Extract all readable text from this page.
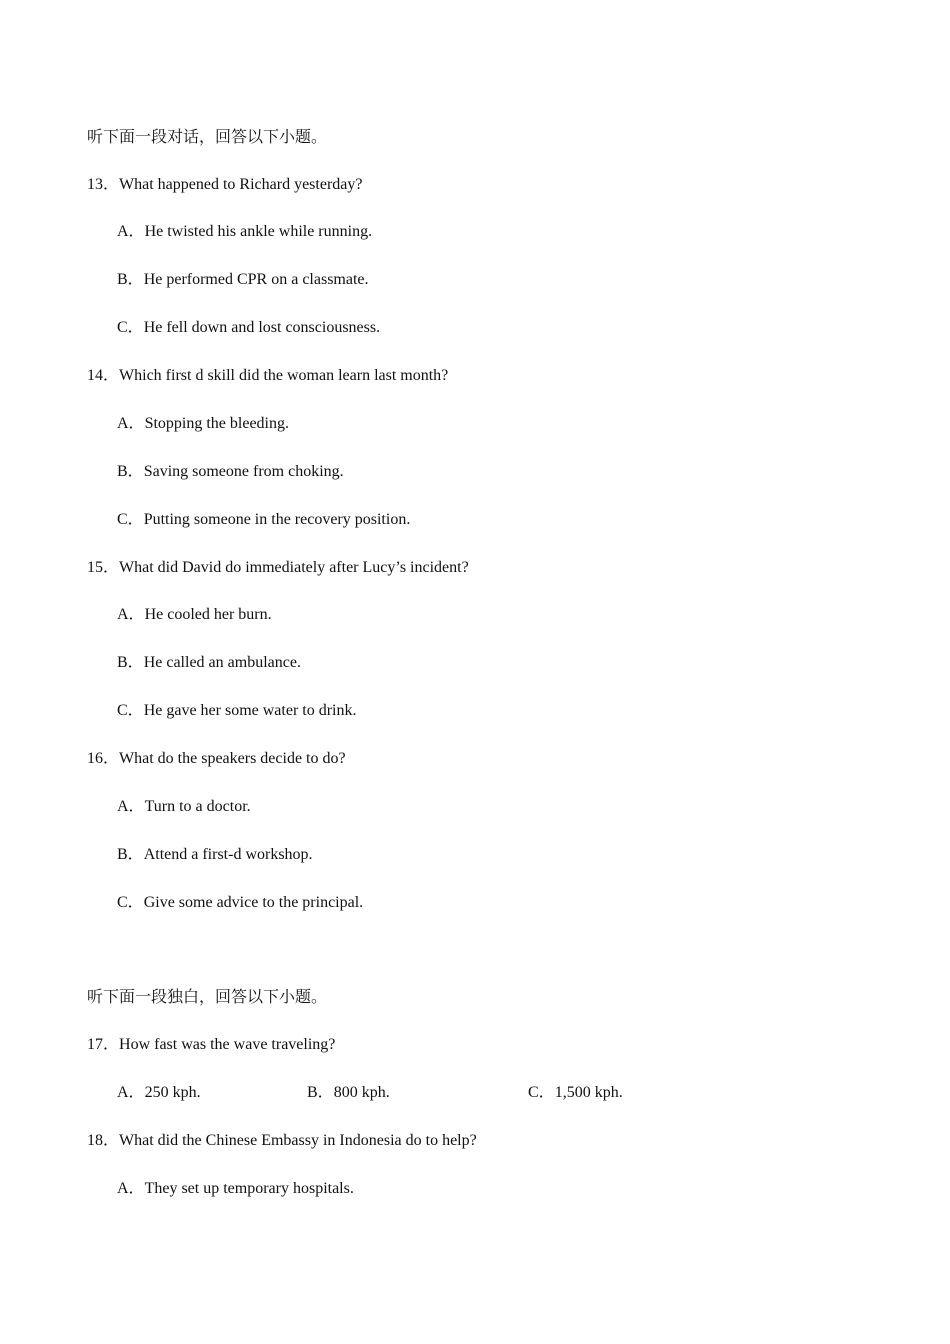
听下面一段对话，回答以下小题。
13．What happened to Richard yesterday?
A．He twisted his ankle while running.
B．He performed CPR on a classmate.
C．He fell down and lost consciousness.
14．Which first d skill did the woman learn last month?
A．Stopping the bleeding.
B．Saving someone from choking.
C．Putting someone in the recovery position.
15．What did David do immediately after Lucy’s incident?
A．He cooled her burn.
B．He called an ambulance.
C．He gave her some water to drink.
16．What do the speakers decide to do?
A．Turn to a doctor.
B．Attend a first-d workshop.
C．Give some advice to the principal.
听下面一段独白，回答以下小题。
17．How fast was the wave traveling?
A．250 kph.	B．800 kph.	C．1,500 kph.
18．What did the Chinese Embassy in Indonesia do to help?
A．They set up temporary hospitals.
